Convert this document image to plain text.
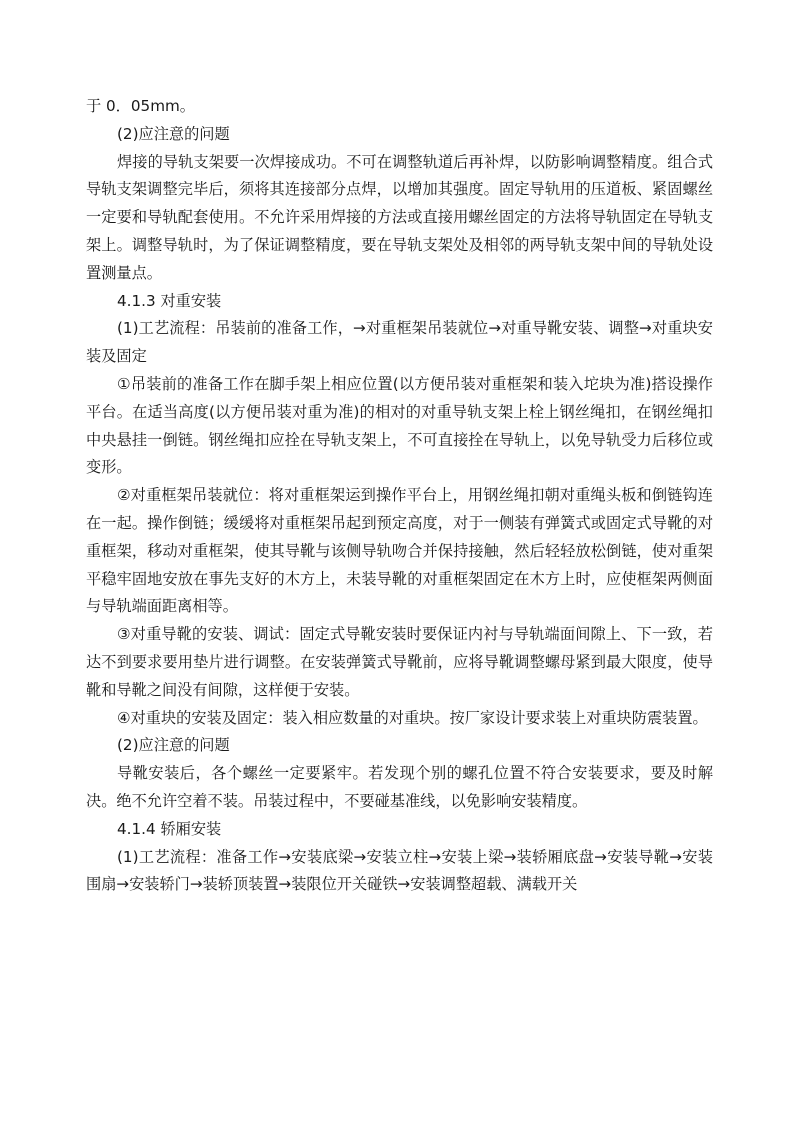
于 0．05mm。

(2)应注意的问题

焊接的导轨支架要一次焊接成功。不可在调整轨道后再补焊，以防影响调整精度。组合式导轨支架调整完毕后，须将其连接部分点焊，以增加其强度。固定导轨用的压道板、紧固螺丝一定要和导轨配套使用。不允许采用焊接的方法或直接用螺丝固定的方法将导轨固定在导轨支架上。调整导轨时，为了保证调整精度，要在导轨支架处及相邻的两导轨支架中间的导轨处设置测量点。

4.1.3 对重安装

(1)工艺流程：吊装前的准备工作，→对重框架吊装就位→对重导靴安装、调整→对重块安装及固定

①吊装前的准备工作在脚手架上相应位置(以方便吊装对重框架和装入坨块为准)搭设操作平台。在适当高度(以方便吊装对重为准)的相对的对重导轨支架上栓上钢丝绳扣，在钢丝绳扣中央悬挂一倒链。钢丝绳扣应拴在导轨支架上，不可直接拴在导轨上，以免导轨受力后移位或变形。

②对重框架吊装就位：将对重框架运到操作平台上，用钢丝绳扣朝对重绳头板和倒链钩连在一起。操作倒链；缓缓将对重框架吊起到预定高度，对于一侧装有弹簧式或固定式导靴的对重框架，移动对重框架，使其导靴与该侧导轨吻合并保持接触，然后轻轻放松倒链，使对重架平稳牢固地安放在事先支好的木方上，未装导靴的对重框架固定在木方上时，应使框架两侧面与导轨端面距离相等。

③对重导靴的安装、调试：固定式导靴安装时要保证内衬与导轨端面间隙上、下一致，若达不到要求要用垫片进行调整。在安装弹簧式导靴前，应将导靴调整螺母紧到最大限度，使导靴和导靴之间没有间隙，这样便于安装。

④对重块的安装及固定：装入相应数量的对重块。按厂家设计要求装上对重块防震装置。

(2)应注意的问题

导靴安装后，各个螺丝一定要紧牢。若发现个别的螺孔位置不符合安装要求，要及时解决。绝不允许空着不装。吊装过程中，不要碰基准线，以免影响安装精度。

4.1.4 轿厢安装

(1)工艺流程：准备工作→安装底梁→安装立柱→安装上梁→装轿厢底盘→安装导靴→安装围扇→安装轿门→装轿顶装置→装限位开关碰铁→安装调整超载、满载开关
